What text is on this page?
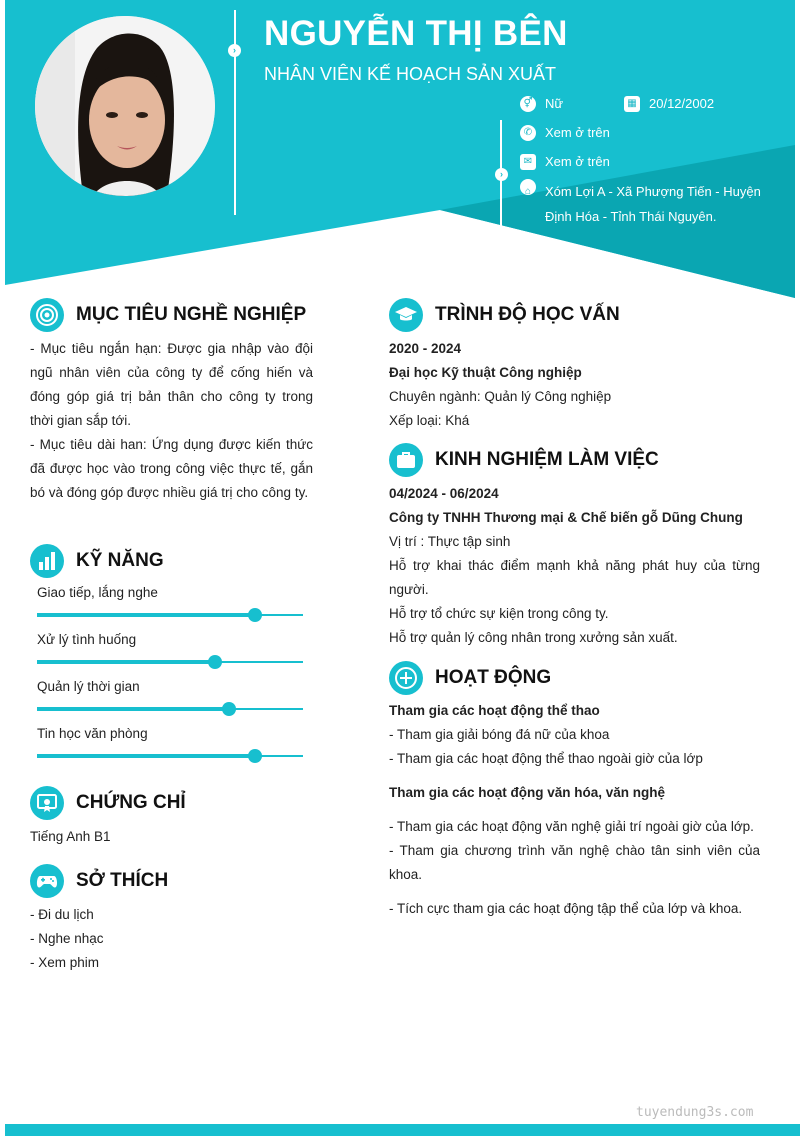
› NGUYỄN THỊ BÊN
NHÂN VIÊN KẾ HOẠCH SẢN XUẤT
›
⚥ Nữ	▦ 20/12/2002
✆ Xem ở trên
✉ Xem ở trên
⌂	Xóm Lợi A - Xã Phượng Tiến - Huyện
Định Hóa - Tỉnh Thái Nguyên.
MỤC TIÊU NGHỀ NGHIỆP
- Mục tiêu ngắn hạn: Được gia nhập vào đội ngũ nhân viên của công ty để cống hiến và đóng góp giá trị bản thân cho công ty trong thời gian sắp tới.
- Mục tiêu dài han: Ứng dụng được kiến thức đã được học vào trong công việc thực tế, gắn bó và đóng góp được nhiều giá trị cho công ty.
KỸ NĂNG
Giao tiếp, lắng nghe
Xử lý tình huống
Quản lý thời gian
Tin học văn phòng
CHỨNG CHỈ
Tiếng Anh B1
SỞ THÍCH
- Đi du lịch
- Nghe nhạc
- Xem phim
TRÌNH ĐỘ HỌC VẤN
2020 - 2024
Đại học Kỹ thuật Công nghiệp
Chuyên ngành: Quản lý Công nghiệp
Xếp loại: Khá
KINH NGHIỆM LÀM VIỆC
04/2024 - 06/2024
Công ty TNHH Thương mại & Chế biến gỗ Dũng Chung
Vị trí : Thực tập sinh
Hỗ trợ khai thác điểm mạnh khả năng phát huy của từng người.
Hỗ trợ tổ chức sự kiện trong công ty.
Hỗ trợ quản lý công nhân trong xưởng sản xuất.
HOẠT ĐỘNG
Tham gia các hoạt động thể thao
- Tham gia giải bóng đá nữ của khoa
- Tham gia các hoạt động thể thao ngoài giờ của lớp
Tham gia các hoạt động văn hóa, văn nghệ
- Tham gia các hoạt động văn nghệ giải trí ngoài giờ của lớp.
- Tham gia chương trình văn nghệ chào tân sinh viên của khoa.
- Tích cực tham gia các hoạt động tập thể của lớp và khoa.
tuyendung3s.com
